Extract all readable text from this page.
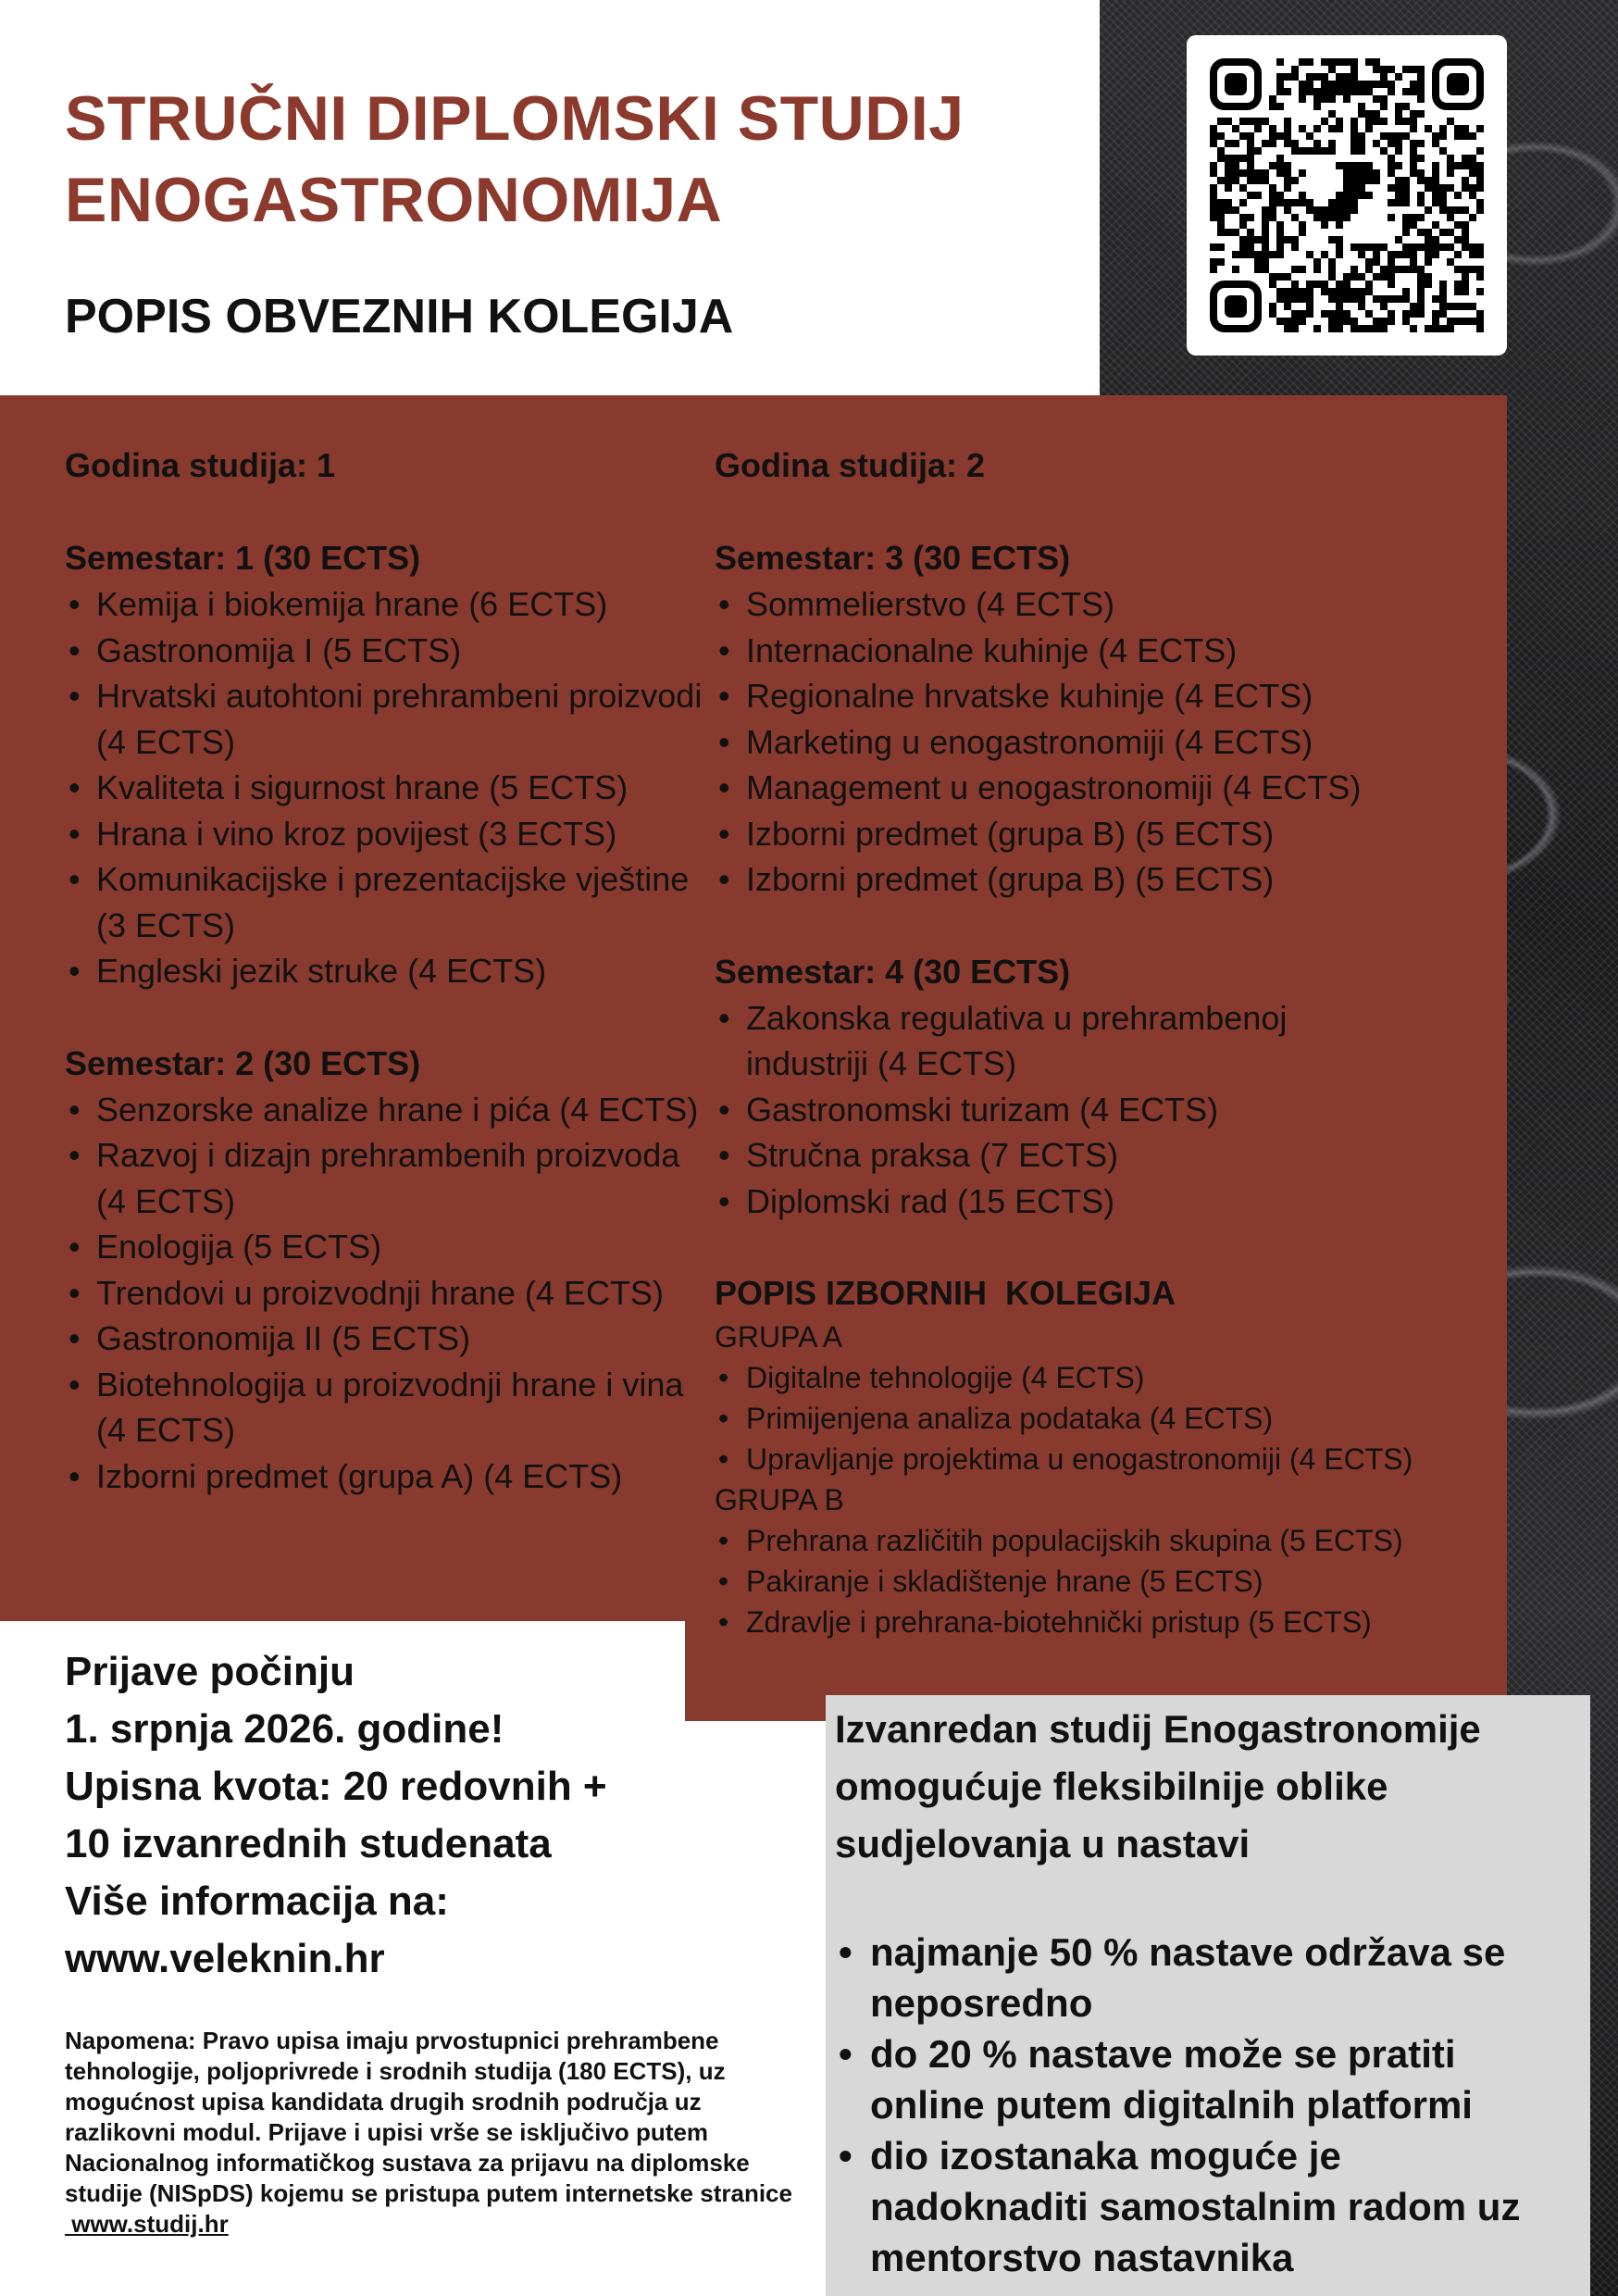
STRUČNI DIPLOMSKI STUDIJ
ENOGASTRONOMIJA
POPIS OBVEZNIH KOLEGIJA
Godina studija: 1
Semestar: 1 (30 ECTS)
• Kemija i biokemija hrane (6 ECTS)
• Gastronomija I (5 ECTS)
• Hrvatski autohtoni prehrambeni proizvodi (4 ECTS)
• Kvaliteta i sigurnost hrane (5 ECTS)
• Hrana i vino kroz povijest (3 ECTS)
• Komunikacijske i prezentacijske vještine (3 ECTS)
• Engleski jezik struke (4 ECTS)
Semestar: 2 (30 ECTS)
• Senzorske analize hrane i pića (4 ECTS)
• Razvoj i dizajn prehrambenih proizvoda (4 ECTS)
• Enologija (5 ECTS)
• Trendovi u proizvodnji hrane (4 ECTS)
• Gastronomija II (5 ECTS)
• Biotehnologija u proizvodnji hrane i vina (4 ECTS)
• Izborni predmet (grupa A) (4 ECTS)
Godina studija: 2
Semestar: 3 (30 ECTS)
• Sommelierstvo (4 ECTS)
• Internacionalne kuhinje (4 ECTS)
• Regionalne hrvatske kuhinje (4 ECTS)
• Marketing u enogastronomiji (4 ECTS)
• Management u enogastronomiji (4 ECTS)
• Izborni predmet (grupa B) (5 ECTS)
• Izborni predmet (grupa B) (5 ECTS)
Semestar: 4 (30 ECTS)
• Zakonska regulativa u prehrambenoj industriji (4 ECTS)
• Gastronomski turizam (4 ECTS)
• Stručna praksa (7 ECTS)
• Diplomski rad (15 ECTS)
POPIS IZBORNIH  KOLEGIJA
GRUPA A
• Digitalne tehnologije (4 ECTS)
• Primijenjena analiza podataka (4 ECTS)
• Upravljanje projektima u enogastronomiji (4 ECTS)
GRUPA B
• Prehrana različitih populacijskih skupina (5 ECTS)
• Pakiranje i skladištenje hrane (5 ECTS)
• Zdravlje i prehrana-biotehnički pristup (5 ECTS)
Prijave počinju
1. srpnja 2026. godine!
Upisna kvota: 20 redovnih +
10 izvanrednih studenata
Više informacija na:
www.veleknin.hr
Napomena: Pravo upisa imaju prvostupnici prehrambene tehnologije, poljoprivrede i srodnih studija (180 ECTS), uz mogućnost upisa kandidata drugih srodnih područja uz razlikovni modul. Prijave i upisi vrše se isključivo putem Nacionalnog informatičkog sustava za prijavu na diplomske studije (NISpDS) kojemu se pristupa putem internetske stranice  www.studij.hr
Izvanredan studij Enogastronomije
omogućuje fleksibilnije oblike
sudjelovanja u nastavi
• najmanje 50 % nastave održava se
neposredno
• do 20 % nastave može se pratiti
online putem digitalnih platformi
• dio izostanaka moguće je
nadoknaditi samostalnim radom uz
mentorstvo nastavnika
